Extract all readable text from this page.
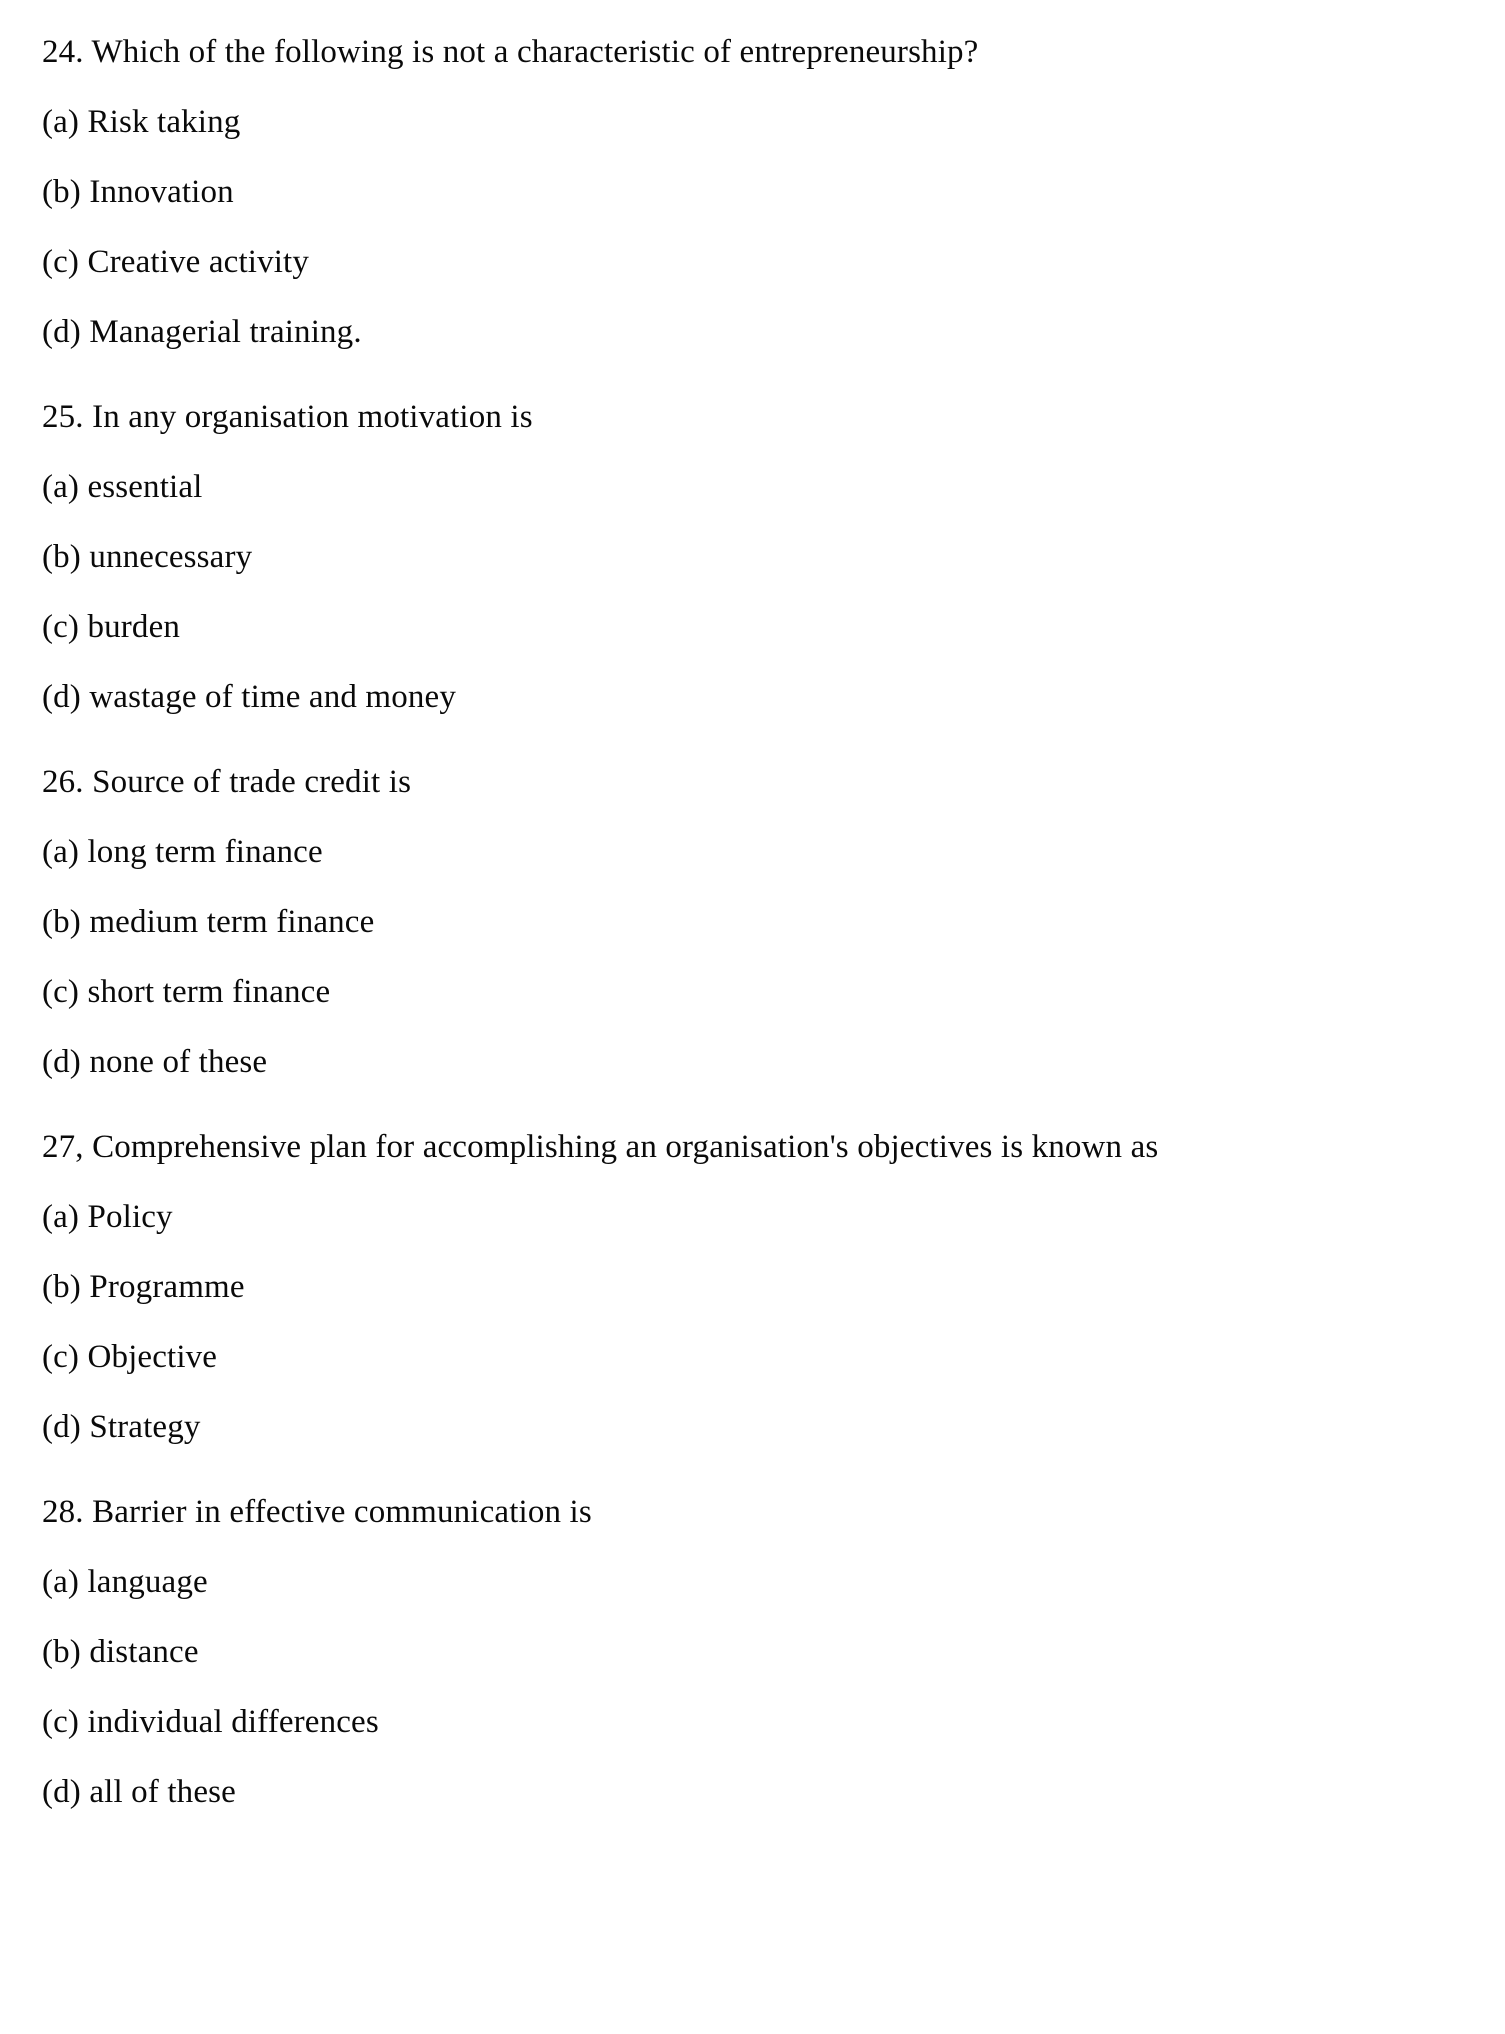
24. Which of the following is not a characteristic of entrepreneurship?

(a) Risk taking

(b) Innovation

(c) Creative activity

(d) Managerial training.

25. In any organisation motivation is

(a) essential

(b) unnecessary

(c) burden

(d) wastage of time and money

26. Source of trade credit is

(a) long term finance

(b) medium term finance

(c) short term finance

(d) none of these

27, Comprehensive plan for accomplishing an organisation's objectives is known as

(a) Policy

(b) Programme

(c) Objective

(d) Strategy

28. Barrier in effective communication is

(a) language

(b) distance

(c) individual differences

(d) all of these
